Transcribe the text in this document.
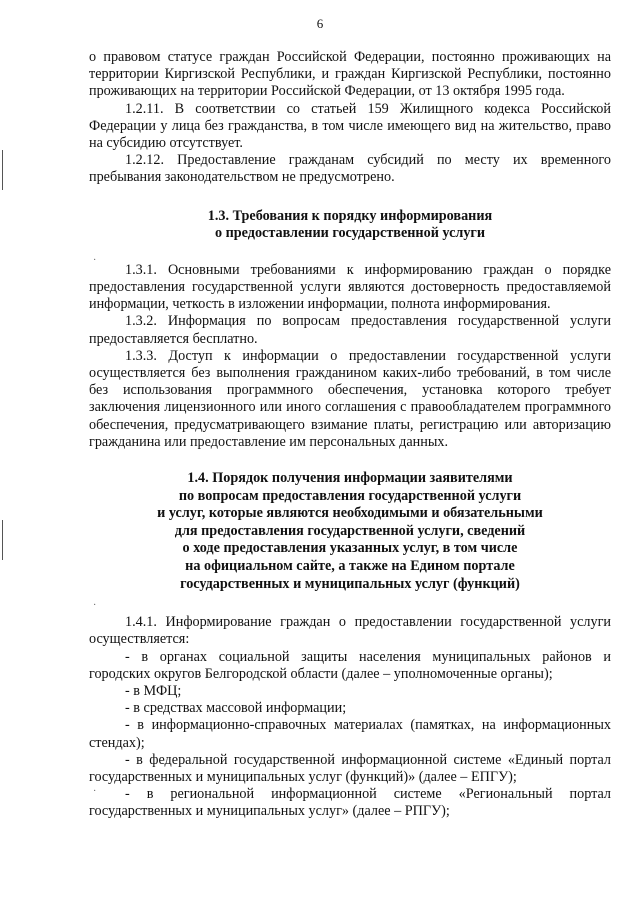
6

о правовом статусе граждан Российской Федерации, постоянно проживающих на территории Киргизской Республики, и граждан Киргизской Республики, постоянно проживающих на территории Российской Федерации, от 13 октября 1995 года.

1.2.11. В соответствии со статьей 159 Жилищного кодекса Российской Федерации у лица без гражданства, в том числе имеющего вид на жительство, право на субсидию отсутствует.

1.2.12. Предоставление гражданам субсидий по месту их временного пребывания законодательством не предусмотрено.

1.3. Требования к порядку информирования
о предоставлении государственной услуги

1.3.1. Основными требованиями к информированию граждан о порядке предоставления государственной услуги являются достоверность предоставляемой информации, четкость в изложении информации, полнота информирования.

1.3.2. Информация по вопросам предоставления государственной услуги предоставляется бесплатно.

1.3.3. Доступ к информации о предоставлении государственной услуги осуществляется без выполнения гражданином каких-либо требований, в том числе без использования программного обеспечения, установка которого требует заключения лицензионного или иного соглашения с правообладателем программного обеспечения, предусматривающего взимание платы, регистрацию или авторизацию гражданина или предоставление им персональных данных.

1.4. Порядок получения информации заявителями
по вопросам предоставления государственной услуги
и услуг, которые являются необходимыми и обязательными
для предоставления государственной услуги, сведений
о ходе предоставления указанных услуг, в том числе
на официальном сайте, а также на Едином портале
государственных и муниципальных услуг (функций)

1.4.1. Информирование граждан о предоставлении государственной услуги осуществляется:

- в органах социальной защиты населения муниципальных районов и городских округов Белгородской области (далее – уполномоченные органы);

- в МФЦ;

- в средствах массовой информации;

- в информационно-справочных материалах (памятках, на информационных стендах);

- в федеральной государственной информационной системе «Единый портал государственных и муниципальных услуг (функций)» (далее – ЕПГУ);

- в региональной информационной системе «Региональный портал государственных и муниципальных услуг» (далее – РПГУ);

·
·
·
